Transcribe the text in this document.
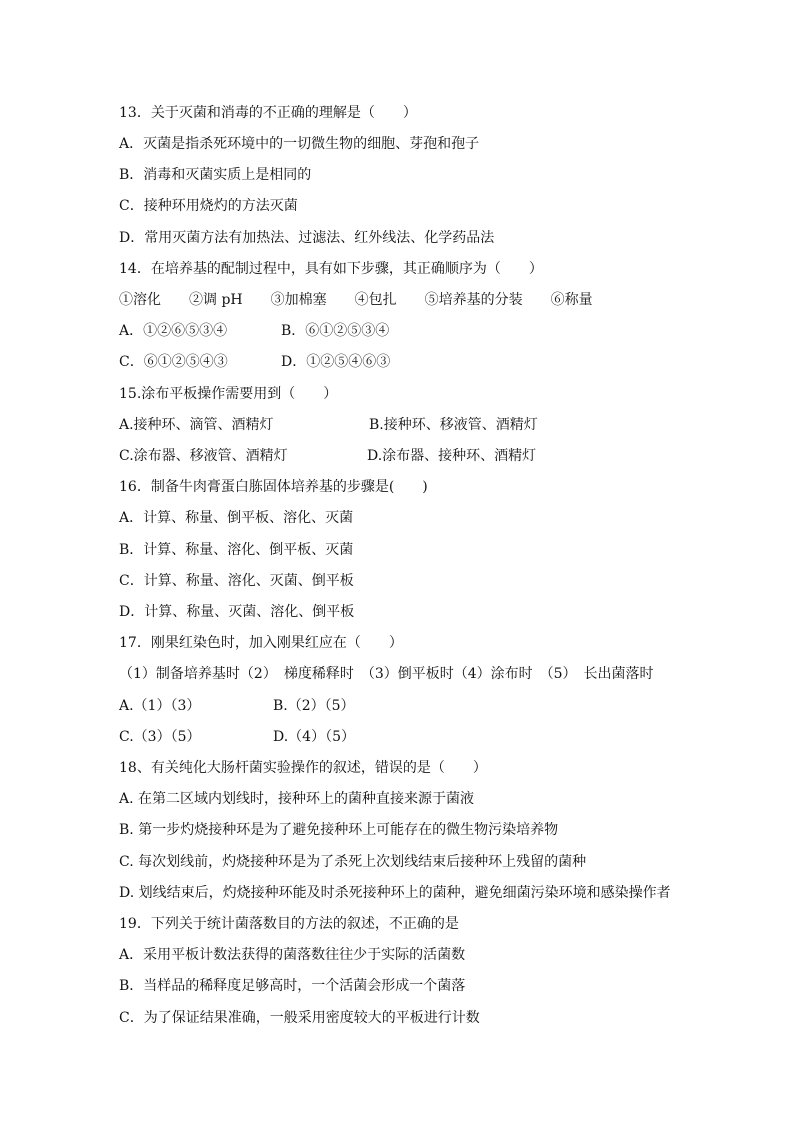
13．关于灭菌和消毒的不正确的理解是（　　）
A．灭菌是指杀死环境中的一切微生物的细胞、芽孢和孢子
B．消毒和灭菌实质上是相同的
C．接种环用烧灼的方法灭菌
D．常用灭菌方法有加热法、过滤法、红外线法、化学药品法
14．在培养基的配制过程中，具有如下步骤，其正确顺序为（　　）
①溶化　　②调 pH　　③加棉塞　　④包扎　　⑤培养基的分装　　⑥称量
A．①②⑥⑤③④	B．⑥①②⑤③④
C．⑥①②⑤④③	D．①②⑤④⑥③
15.涂布平板操作需要用到（　　）
A.接种环、滴管、酒精灯	B.接种环、移液管、酒精灯
C.涂布器、移液管、酒精灯	D.涂布器、接种环、酒精灯
16．制备牛肉膏蛋白胨固体培养基的步骤是(　　)
A．计算、称量、倒平板、溶化、灭菌
B．计算、称量、溶化、倒平板、灭菌
C．计算、称量、溶化、灭菌、倒平板
D．计算、称量、灭菌、溶化、倒平板
17．刚果红染色时，加入刚果红应在（　　）
（1）制备培养基时（2）　梯度稀释时　（3）倒平板时（4）涂布时　（5）　长出菌落时
A.（1）（3）	B.（2）（5）
C.（3）（5）	D.（4）（5）
18、有关纯化大肠杆菌实验操作的叙述，错误的是（　　）
A. 在第二区域内划线时，接种环上的菌种直接来源于菌液
B. 第一步灼烧接种环是为了避免接种环上可能存在的微生物污染培养物
C. 每次划线前，灼烧接种环是为了杀死上次划线结束后接种环上残留的菌种
D. 划线结束后，灼烧接种环能及时杀死接种环上的菌种，避免细菌污染环境和感染操作者
19．下列关于统计菌落数目的方法的叙述，不正确的是
A．采用平板计数法获得的菌落数往往少于实际的活菌数
B．当样品的稀释度足够高时，一个活菌会形成一个菌落
C．为了保证结果准确，一般采用密度较大的平板进行计数
